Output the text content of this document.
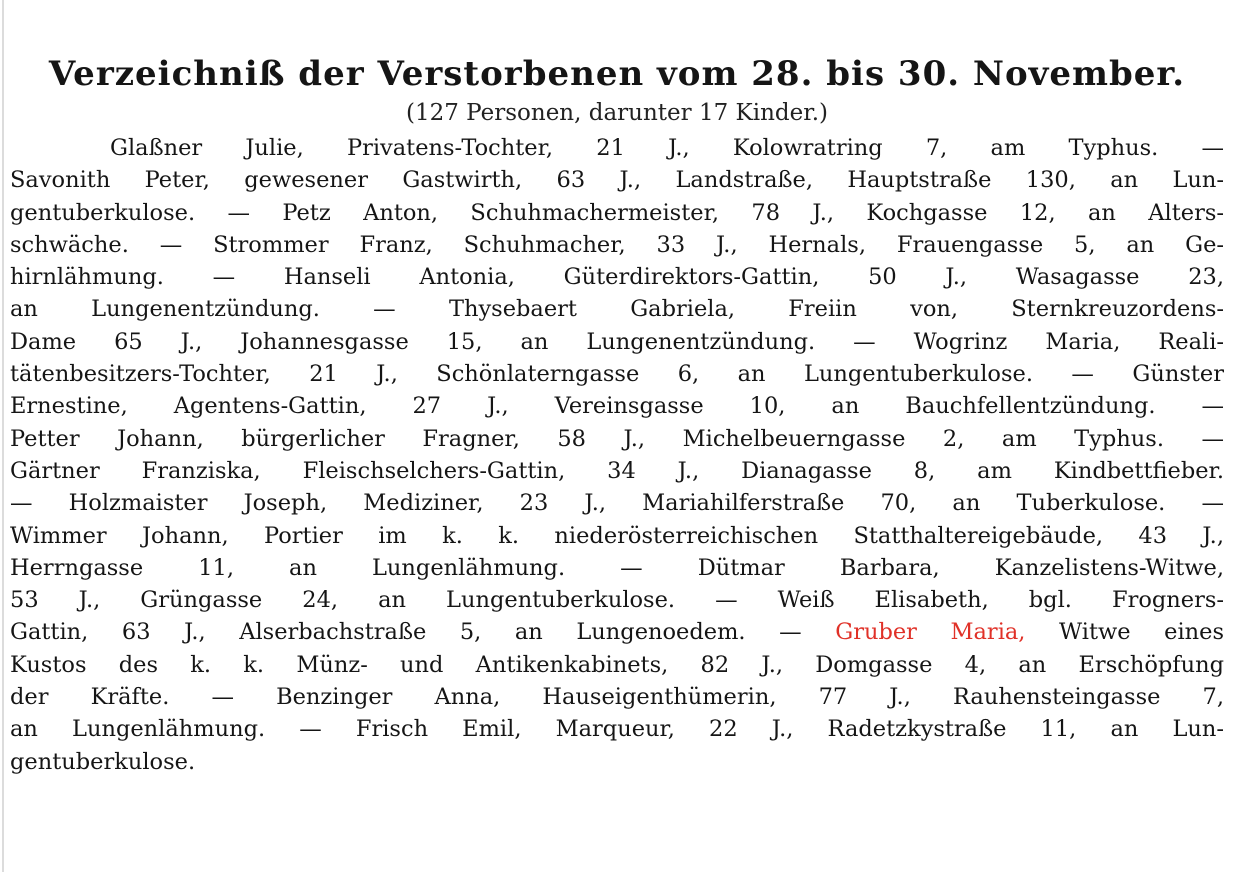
Verzeichniß der Verstorbenen vom 28. bis 30. November.
(127 Personen, darunter 17 Kinder.)
Glaßner Julie, Privatens-Tochter, 21 J., Kolowratring 7, am Typhus. —
Savonith Peter, gewesener Gastwirth, 63 J., Landstraße, Hauptstraße 130, an Lun-
gentuberkulose. — Petz Anton, Schuhmachermeister, 78 J., Kochgasse 12, an Alters-
schwäche. — Strommer Franz, Schuhmacher, 33 J., Hernals, Frauengasse 5, an Ge-
hirnlähmung. — Hanseli Antonia, Güterdirektors-Gattin, 50 J., Wasagasse 23,
an Lungenentzündung. — Thysebaert Gabriela, Freiin von, Sternkreuzordens-
Dame 65 J., Johannesgasse 15, an Lungenentzündung. — Wogrinz Maria, Reali-
tätenbesitzers-Tochter, 21 J., Schönlaterngasse 6, an Lungentuberkulose. — Günster
Ernestine, Agentens-Gattin, 27 J., Vereinsgasse 10, an Bauchfellentzündung. —
Petter Johann, bürgerlicher Fragner, 58 J., Michelbeuerngasse 2, am Typhus. —
Gärtner Franziska, Fleischselchers-Gattin, 34 J., Dianagasse 8, am Kindbettfieber.
— Holzmaister Joseph, Mediziner, 23 J., Mariahilferstraße 70, an Tuberkulose. —
Wimmer Johann, Portier im k. k. niederösterreichischen Statthaltereigebäude, 43 J.,
Herrngasse 11, an Lungenlähmung. — Dütmar Barbara, Kanzelistens-Witwe,
53 J., Grüngasse 24, an Lungentuberkulose. — Weiß Elisabeth, bgl. Frogners-
Gattin, 63 J., Alserbachstraße 5, an Lungenoedem. — Gruber Maria, Witwe eines
Kustos des k. k. Münz- und Antikenkabinets, 82 J., Domgasse 4, an Erschöpfung
der Kräfte. — Benzinger Anna, Hauseigenthümerin, 77 J., Rauhensteingasse 7,
an Lungenlähmung. — Frisch Emil, Marqueur, 22 J., Radetzkystraße 11, an Lun-
gentuberkulose.
